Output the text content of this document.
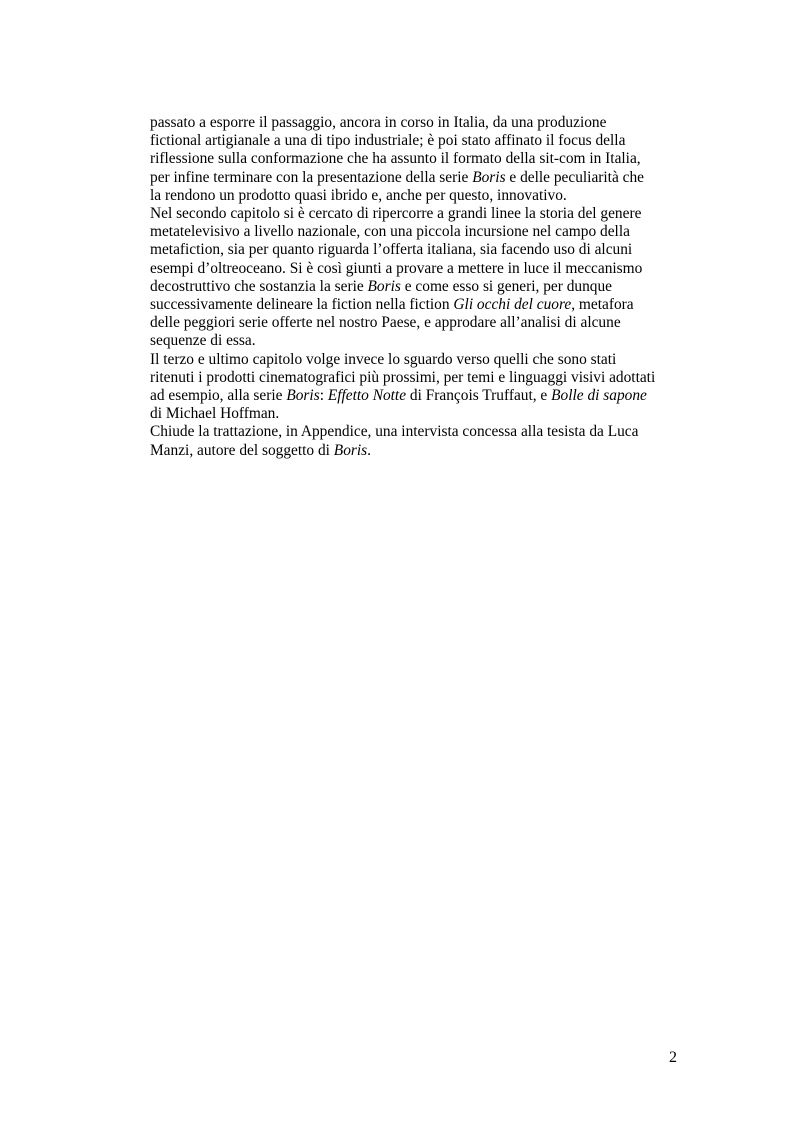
passato a esporre il passaggio, ancora in corso in Italia, da una produzione
fictional artigianale a una di tipo industriale; è poi stato affinato il focus della
riflessione sulla conformazione che ha assunto il formato della sit-com in Italia,
per infine terminare con la presentazione della serie Boris e delle peculiarità che
la rendono un prodotto quasi ibrido e, anche per questo, innovativo.
Nel secondo capitolo si è cercato di ripercorre a grandi linee la storia del genere
metatelevisivo a livello nazionale, con una piccola incursione nel campo della
metafiction, sia per quanto riguarda l’offerta italiana, sia facendo uso di alcuni
esempi d’oltreoceano. Si è così giunti a provare a mettere in luce il meccanismo
decostruttivo che sostanzia la serie Boris e come esso si generi, per dunque
successivamente delineare la fiction nella fiction Gli occhi del cuore, metafora
delle peggiori serie offerte nel nostro Paese, e approdare all’analisi di alcune
sequenze di essa.
Il terzo e ultimo capitolo volge invece lo sguardo verso quelli che sono stati
ritenuti i prodotti cinematografici più prossimi, per temi e linguaggi visivi adottati
ad esempio, alla serie Boris: Effetto Notte di François Truffaut, e Bolle di sapone
di Michael Hoffman.
Chiude la trattazione, in Appendice, una intervista concessa alla tesista da Luca
Manzi, autore del soggetto di Boris.
2
